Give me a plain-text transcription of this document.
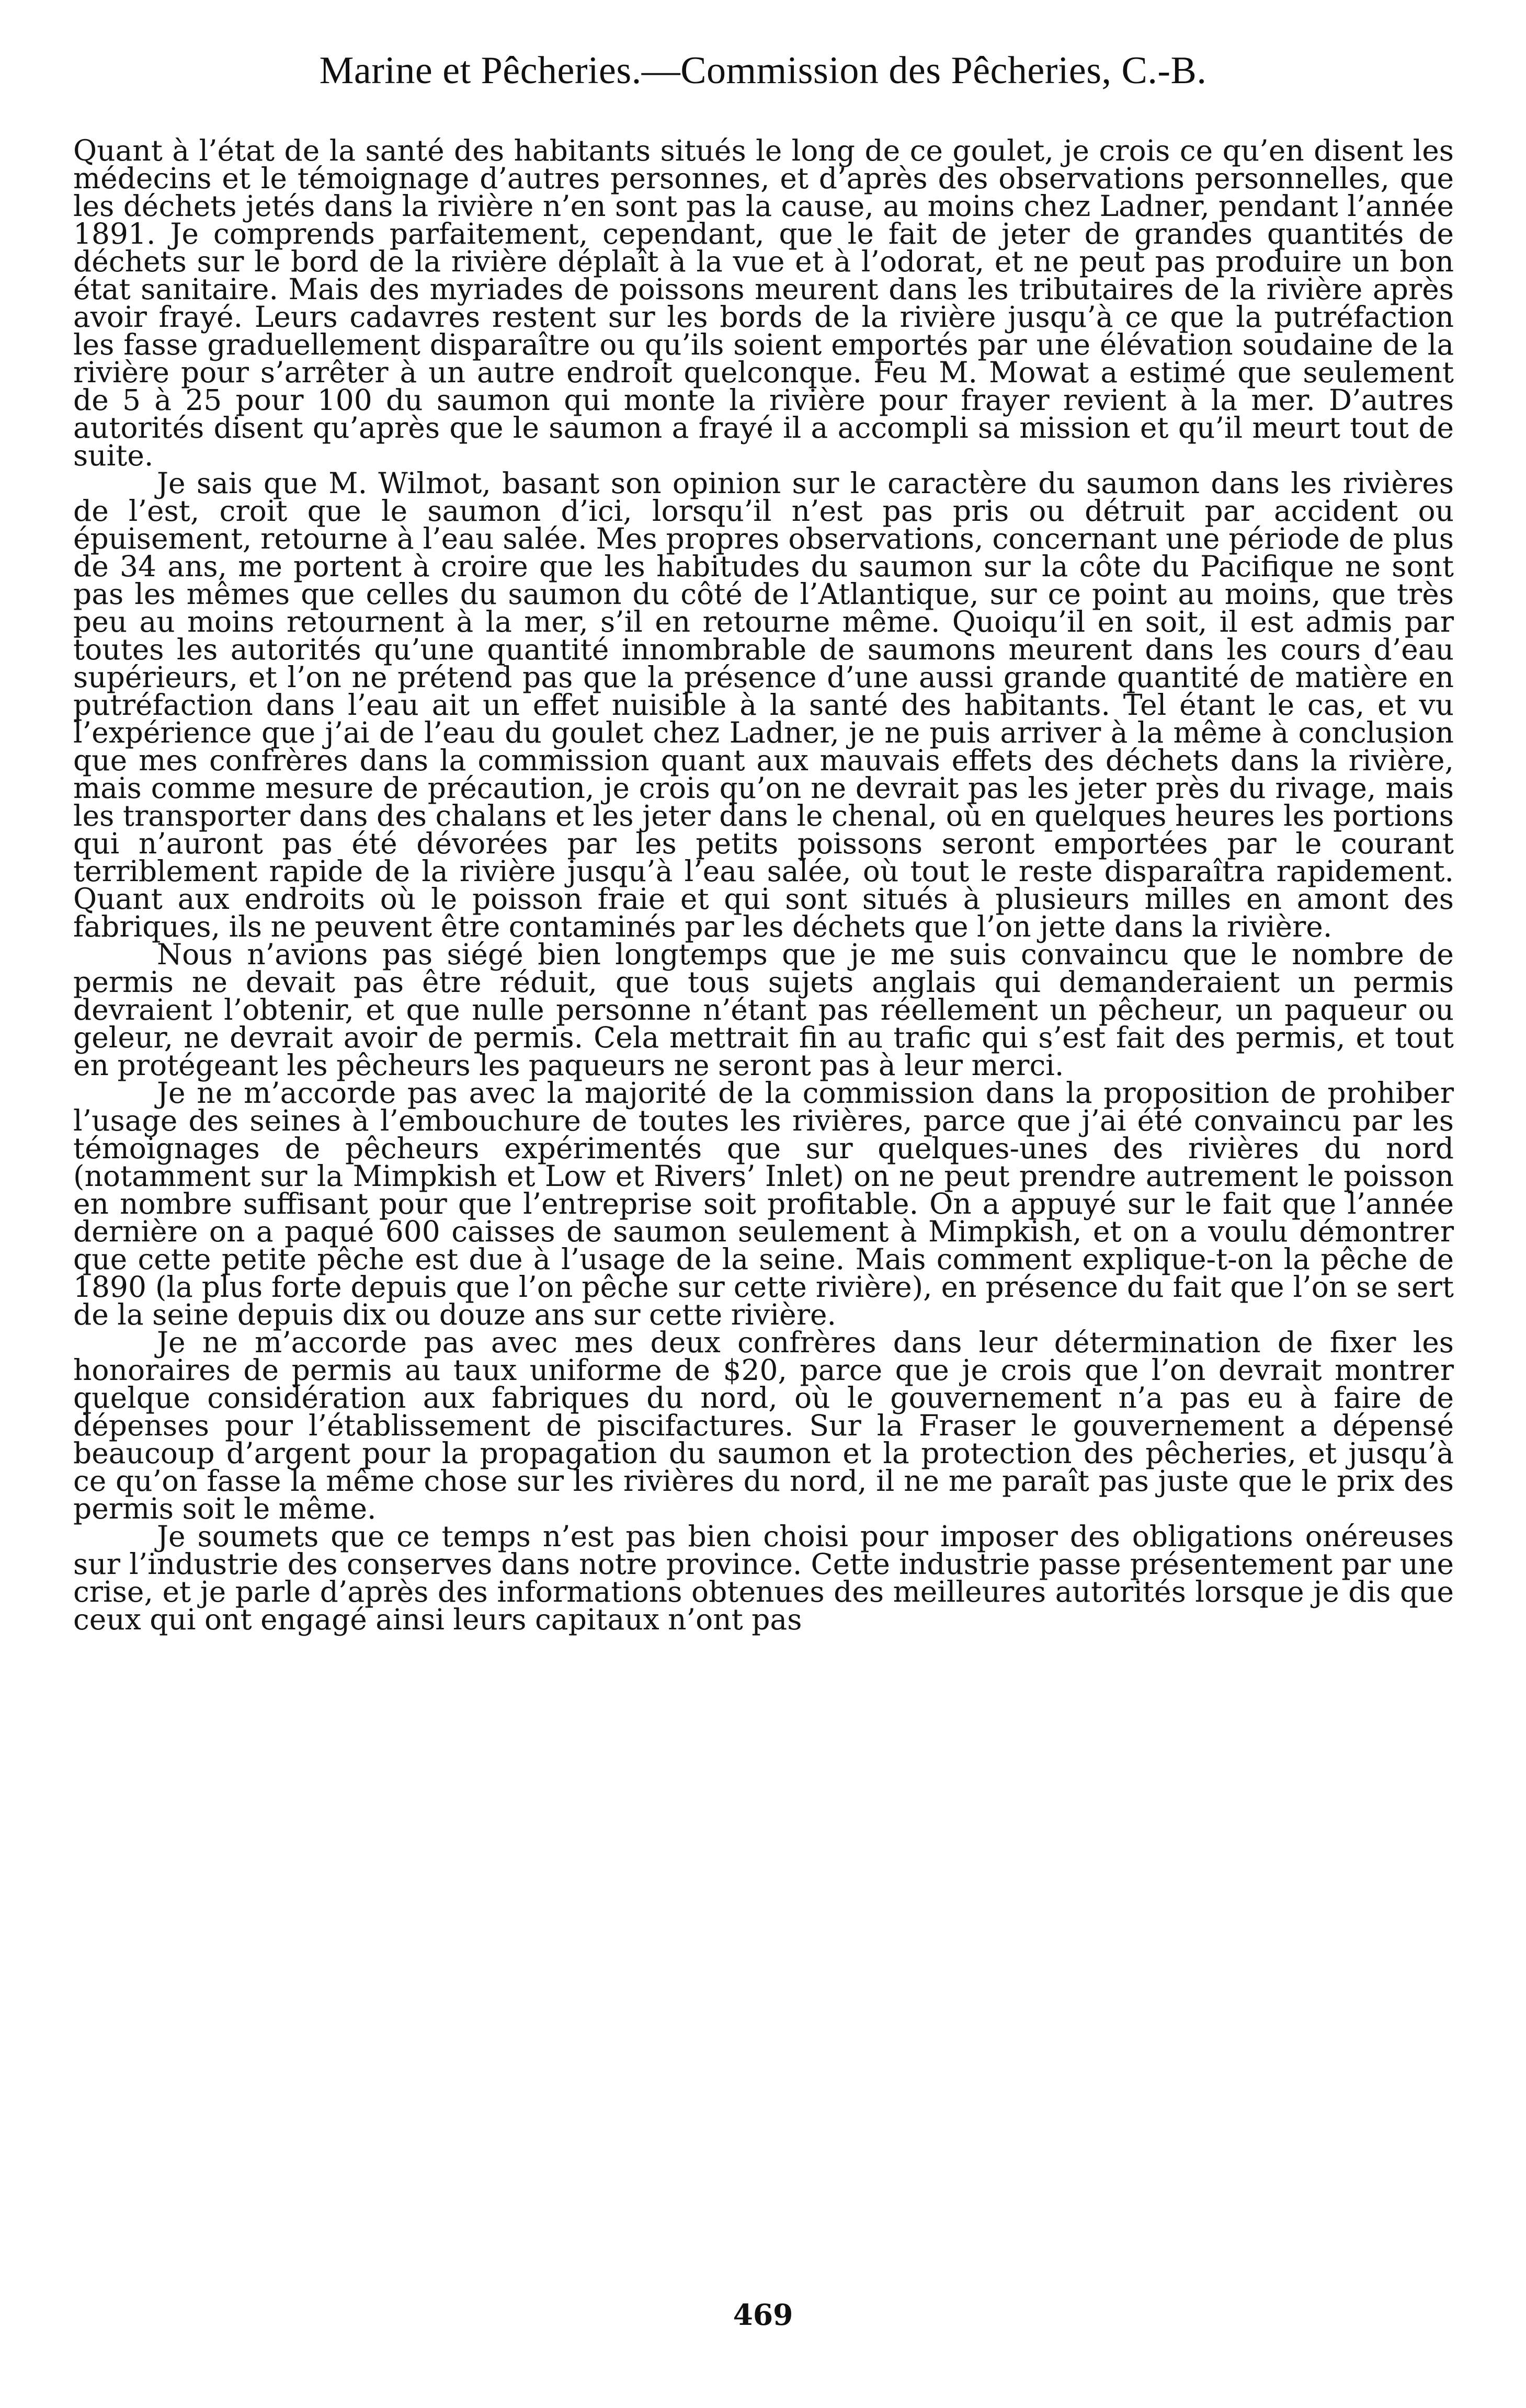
Marine et Pêcheries.—Commission des Pêcheries, C.-B.

Quant à l’état de la santé des habitants situés le long de ce goulet, je crois ce qu’en disent les médecins et le témoignage d’autres personnes, et d’après des observations personnelles, que les déchets jetés dans la rivière n’en sont pas la cause, au moins chez Ladner, pendant l’année 1891. Je comprends parfaitement, cependant, que le fait de jeter de grandes quantités de déchets sur le bord de la rivière déplaît à la vue et à l’odorat, et ne peut pas produire un bon état sanitaire. Mais des myriades de poissons meurent dans les tributaires de la rivière après avoir frayé. Leurs cadavres restent sur les bords de la rivière jusqu’à ce que la putréfaction les fasse graduellement disparaître ou qu’ils soient emportés par une élévation soudaine de la rivière pour s’arrêter à un autre endroit quelconque. Feu M. Mowat a estimé que seulement de 5 à 25 pour 100 du saumon qui monte la rivière pour frayer revient à la mer. D’autres autorités disent qu’après que le saumon a frayé il a accompli sa mission et qu’il meurt tout de suite.

Je sais que M. Wilmot, basant son opinion sur le caractère du saumon dans les rivières de l’est, croit que le saumon d’ici, lorsqu’il n’est pas pris ou détruit par accident ou épuisement, retourne à l’eau salée. Mes propres observations, concernant une période de plus de 34 ans, me portent à croire que les habitudes du saumon sur la côte du Pacifique ne sont pas les mêmes que celles du saumon du côté de l’Atlantique, sur ce point au moins, que très peu au moins retournent à la mer, s’il en retourne même. Quoiqu’il en soit, il est admis par toutes les autorités qu’une quantité innombrable de saumons meurent dans les cours d’eau supérieurs, et l’on ne prétend pas que la présence d’une aussi grande quantité de matière en putréfaction dans l’eau ait un effet nuisible à la santé des habitants. Tel étant le cas, et vu l’expérience que j’ai de l’eau du goulet chez Ladner, je ne puis arriver à la même à conclusion que mes confrères dans la commission quant aux mauvais effets des déchets dans la rivière, mais comme mesure de précaution, je crois qu’on ne devrait pas les jeter près du rivage, mais les transporter dans des chalans et les jeter dans le chenal, où en quelques heures les portions qui n’auront pas été dévorées par les petits poissons seront emportées par le courant terriblement rapide de la rivière jusqu’à l’eau salée, où tout le reste disparaîtra rapidement. Quant aux endroits où le poisson fraie et qui sont situés à plusieurs milles en amont des fabriques, ils ne peuvent être contaminés par les déchets que l’on jette dans la rivière.

Nous n’avions pas siégé bien longtemps que je me suis convaincu que le nombre de permis ne devait pas être réduit, que tous sujets anglais qui demanderaient un permis devraient l’obtenir, et que nulle personne n’étant pas réellement un pêcheur, un paqueur ou geleur, ne devrait avoir de permis. Cela mettrait fin au trafic qui s’est fait des permis, et tout en protégeant les pêcheurs les paqueurs ne seront pas à leur merci.

Je ne m’accorde pas avec la majorité de la commission dans la proposition de prohiber l’usage des seines à l’embouchure de toutes les rivières, parce que j’ai été convaincu par les témoignages de pêcheurs expérimentés que sur quelques-unes des rivières du nord (notamment sur la Mimpkish et Low et Rivers’ Inlet) on ne peut prendre autrement le poisson en nombre suffisant pour que l’entreprise soit profitable. On a appuyé sur le fait que l’année dernière on a paqué 600 caisses de saumon seulement à Mimpkish, et on a voulu démontrer que cette petite pêche est due à l’usage de la seine. Mais comment explique-t-on la pêche de 1890 (la plus forte depuis que l’on pêche sur cette rivière), en présence du fait que l’on se sert de la seine depuis dix ou douze ans sur cette rivière.

Je ne m’accorde pas avec mes deux confrères dans leur détermination de fixer les honoraires de permis au taux uniforme de $20, parce que je crois que l’on devrait montrer quelque considération aux fabriques du nord, où le gouvernement n’a pas eu à faire de dépenses pour l’établissement de piscifactures. Sur la Fraser le gouvernement a dépensé beaucoup d’argent pour la propagation du saumon et la protection des pêcheries, et jusqu’à ce qu’on fasse la même chose sur les rivières du nord, il ne me paraît pas juste que le prix des permis soit le même.

Je soumets que ce temps n’est pas bien choisi pour imposer des obligations onéreuses sur l’industrie des conserves dans notre province. Cette industrie passe présentement par une crise, et je parle d’après des informations obtenues des meilleures autorités lorsque je dis que ceux qui ont engagé ainsi leurs capitaux n’ont pas

469
